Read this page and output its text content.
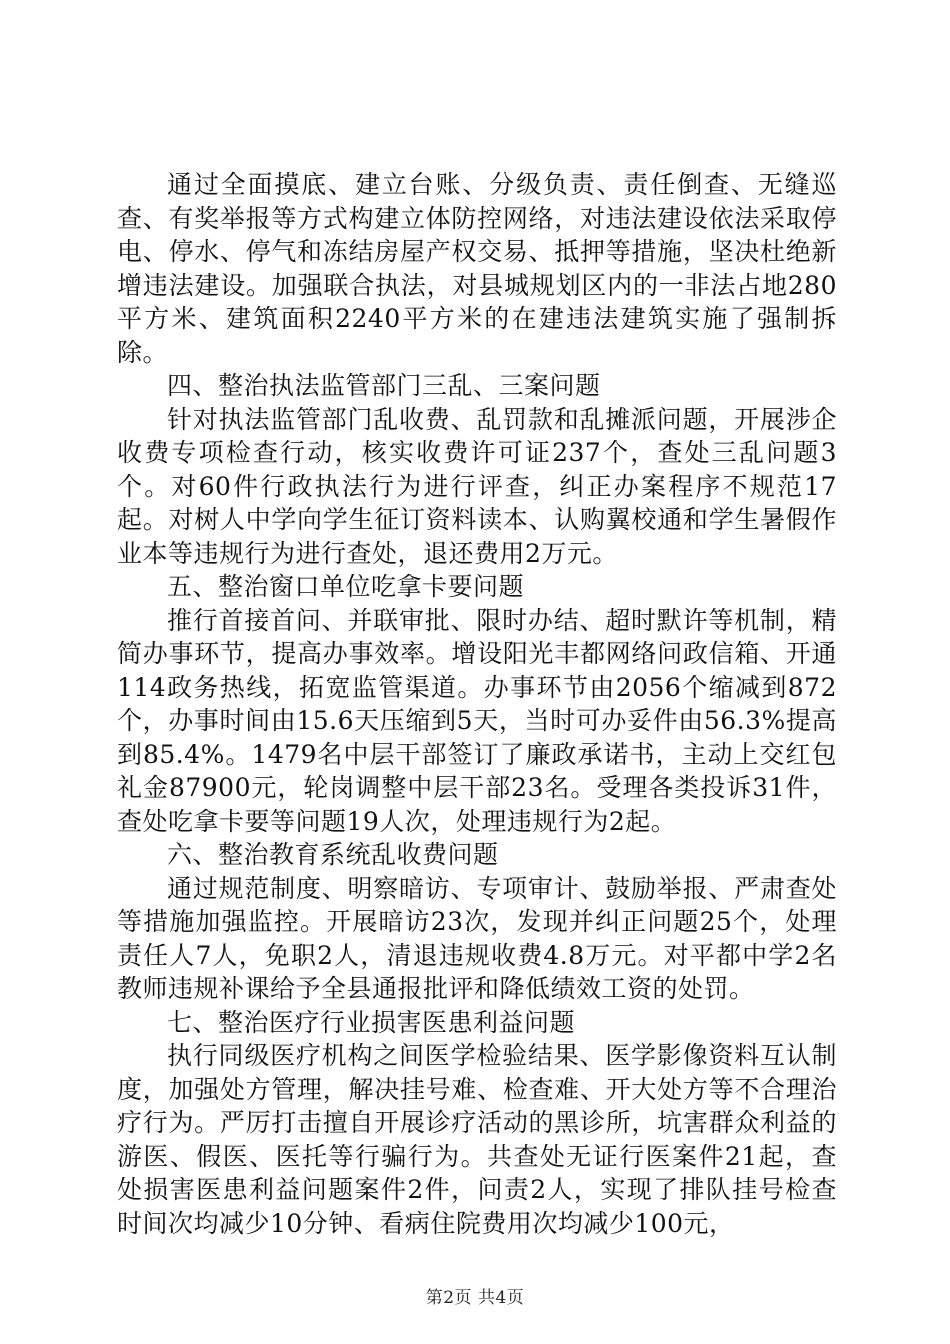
通过全面摸底、建立台账、分级负责、责任倒查、无缝巡查、有奖举报等方式构建立体防控网络，对违法建设依法采取停电、停水、停气和冻结房屋产权交易、抵押等措施，坚决杜绝新增违法建设。加强联合执法，对县城规划区内的一非法占地280平方米、建筑面积2240平方米的在建违法建筑实施了强制拆除。

四、整治执法监管部门三乱、三案问题

针对执法监管部门乱收费、乱罚款和乱摊派问题，开展涉企收费专项检查行动，核实收费许可证237个，查处三乱问题3个。对60件行政执法行为进行评查，纠正办案程序不规范17起。对树人中学向学生征订资料读本、认购翼校通和学生暑假作业本等违规行为进行查处，退还费用2万元。

五、整治窗口单位吃拿卡要问题

推行首接首问、并联审批、限时办结、超时默许等机制，精简办事环节，提高办事效率。增设阳光丰都网络问政信箱、开通114政务热线，拓宽监管渠道。办事环节由2056个缩减到872个，办事时间由15.6天压缩到5天，当时可办妥件由56.3%提高到85.4%。1479名中层干部签订了廉政承诺书，主动上交红包礼金87900元，轮岗调整中层干部23名。受理各类投诉31件，查处吃拿卡要等问题19人次，处理违规行为2起。

六、整治教育系统乱收费问题

通过规范制度、明察暗访、专项审计、鼓励举报、严肃查处等措施加强监控。开展暗访23次，发现并纠正问题25个，处理责任人7人，免职2人，清退违规收费4.8万元。对平都中学2名教师违规补课给予全县通报批评和降低绩效工资的处罚。

七、整治医疗行业损害医患利益问题

执行同级医疗机构之间医学检验结果、医学影像资料互认制度，加强处方管理，解决挂号难、检查难、开大处方等不合理治疗行为。严厉打击擅自开展诊疗活动的黑诊所，坑害群众利益的游医、假医、医托等行骗行为。共查处无证行医案件21起，查处损害医患利益问题案件2件，问责2人，实现了排队挂号检查时间次均减少10分钟、看病住院费用次均减少100元，

第2页 共4页
